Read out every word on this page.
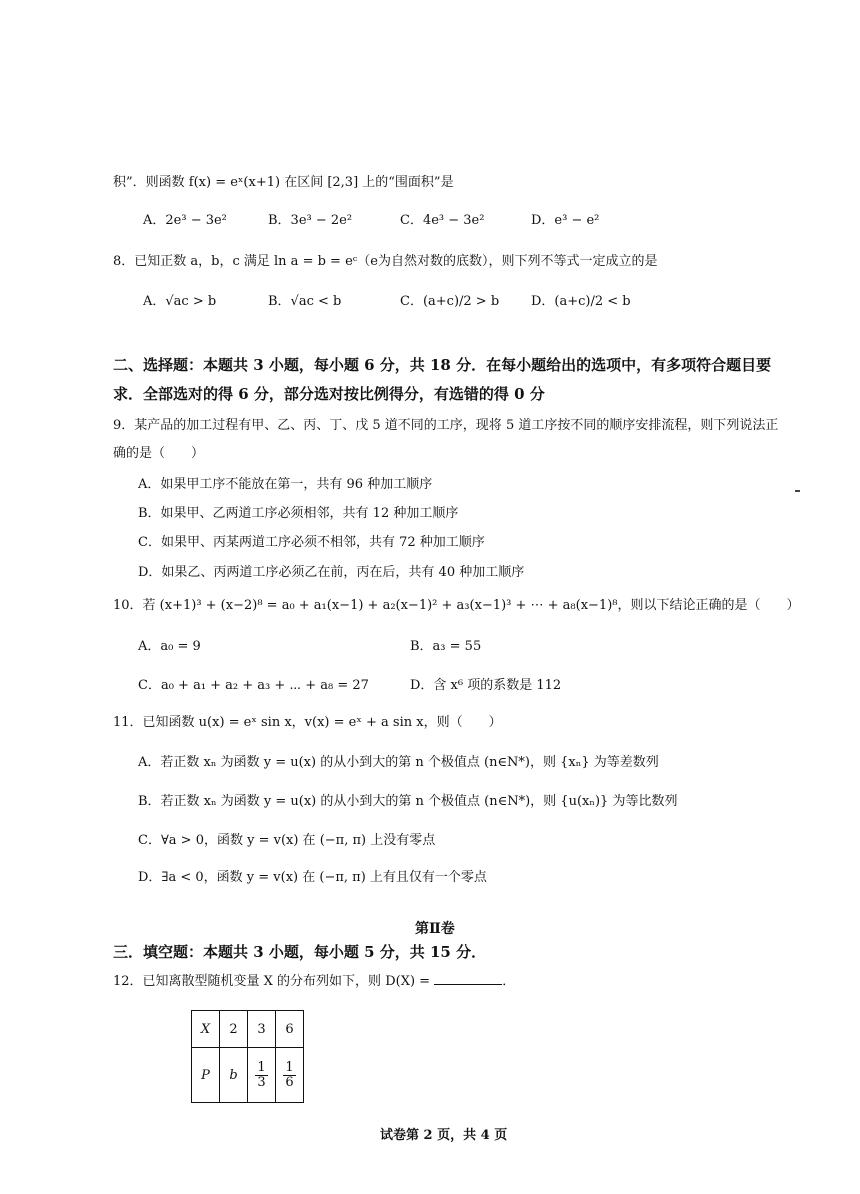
积”．则函数 f(x) = eˣ(x+1) 在区间 [2,3] 上的“围面积”是
A．2e³ − 3e²	B．3e³ − 2e²	C．4e³ − 3e²	D．e³ − e²
8．已知正数 a，b，c 满足 ln a = b = eᶜ（e为自然对数的底数），则下列不等式一定成立的是
A．√ac > b	B．√ac < b	C．(a+c)/2 > b D．(a+c)/2 < b
二、选择题：本题共 3 小题，每小题 6 分，共 18 分．在每小题给出的选项中，有多项符合题目要
求．全部选对的得 6 分，部分选对按比例得分，有选错的得 0 分
9．某产品的加工过程有甲、乙、丙、丁、戊 5 道不同的工序，现将 5 道工序按不同的顺序安排流程，则下列说法正
确的是（　　）
A．如果甲工序不能放在第一，共有 96 种加工顺序
B．如果甲、乙两道工序必须相邻，共有 12 种加工顺序
C．如果甲、丙某两道工序必须不相邻，共有 72 种加工顺序
D．如果乙、丙两道工序必须乙在前，丙在后，共有 40 种加工顺序
10．若 (x+1)³ + (x−2)⁸ = a₀ + a₁(x−1) + a₂(x−1)² + a₃(x−1)³ + ⋯ + a₈(x−1)⁸，则以下结论正确的是（　　）
A．a₀ = 9	B．a₃ = 55
C．a₀ + a₁ + a₂ + a₃ + ⋯ + a₈ = 27	D．含 x⁶ 项的系数是 112
11．已知函数 u(x) = eˣ sin x，v(x) = eˣ + a sin x，则（　　）
A．若正数 xₙ 为函数 y = u(x) 的从小到大的第 n 个极值点 (n∈N*)，则 {xₙ} 为等差数列
B．若正数 xₙ 为函数 y = u(x) 的从小到大的第 n 个极值点 (n∈N*)，则 {u(xₙ)} 为等比数列
C．∀a > 0，函数 y = v(x) 在 (−π, π) 上没有零点
D．∃a < 0，函数 y = v(x) 在 (−π, π) 上有且仅有一个零点
第Ⅱ卷
三．填空题：本题共 3 小题，每小题 5 分，共 15 分．
12．已知离散型随机变量 X 的分布列如下，则 D(X) =	．
X	2	3	6
P	b	$\frac{1}{3}$	$\frac{1}{6}$
试卷第 2 页，共 4 页
